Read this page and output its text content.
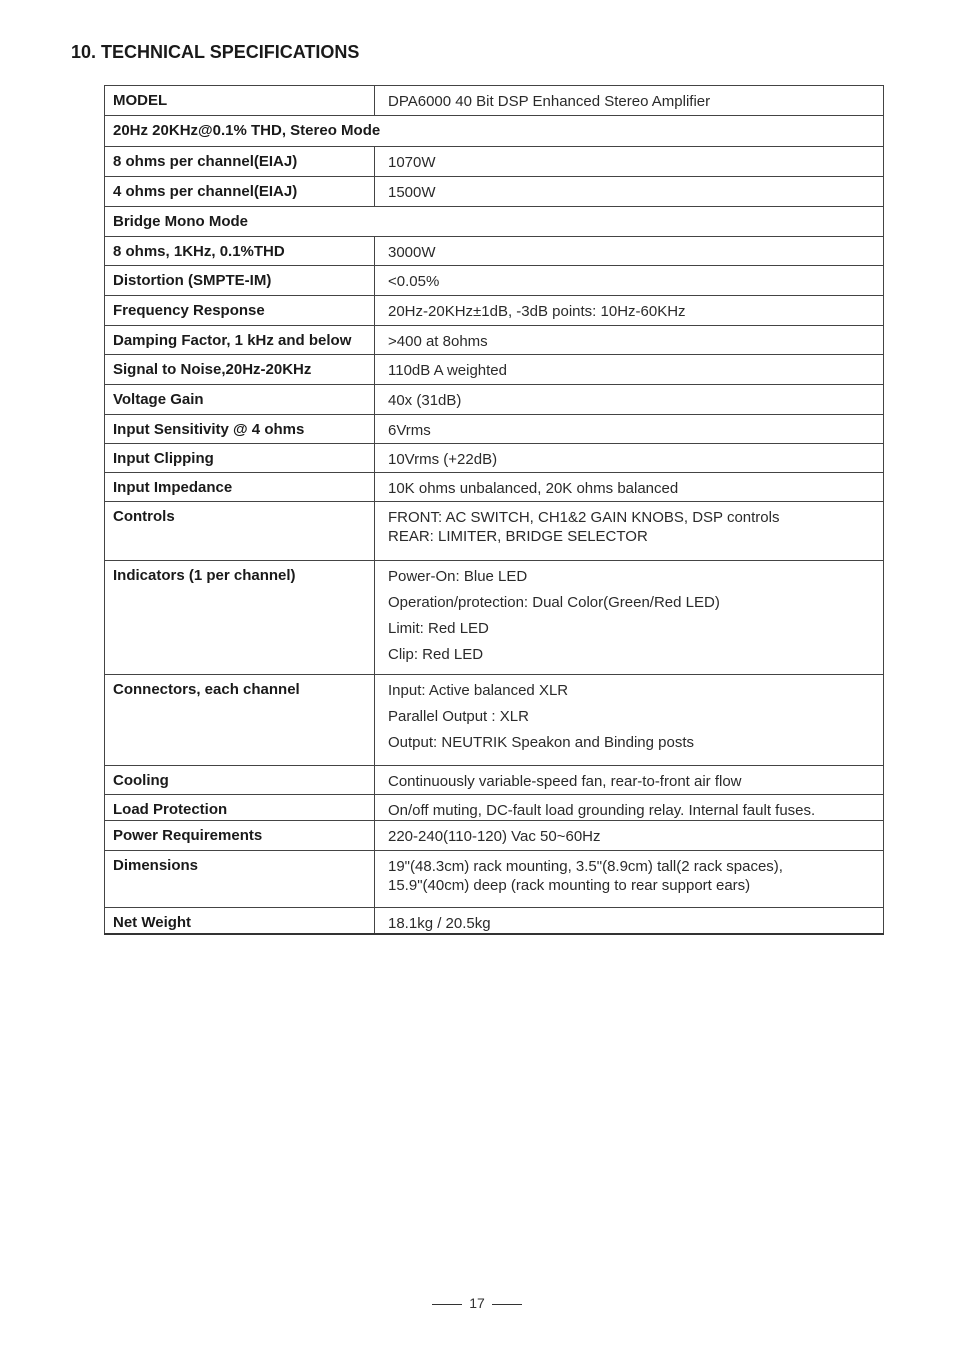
10. TECHNICAL SPECIFICATIONS
MODEL	DPA6000 40 Bit DSP Enhanced Stereo Amplifier

20Hz 20KHz@0.1% THD, Stereo Mode	
8 ohms per channel(EIAJ)	1070W

4 ohms per channel(EIAJ)	1500W

Bridge Mono Mode	
8 ohms, 1KHz, 0.1%THD	3000W

Distortion (SMPTE-IM)	<0.05%

Frequency Response	20Hz-20KHz±1dB, -3dB points: 10Hz-60KHz

Damping Factor, 1 kHz and below	>400 at 8ohms

Signal to Noise,20Hz-20KHz	110dB A weighted

Voltage Gain	40x (31dB)

Input Sensitivity @ 4 ohms	6Vrms

Input Clipping	10Vrms (+22dB)

Input Impedance	10K ohms unbalanced, 20K ohms balanced

Controls	FRONT: AC SWITCH, CH1&2 GAIN KNOBS, DSP controls
REAR: LIMITER, BRIDGE SELECTOR

Indicators (1 per channel)	Power-On: Blue LED
Operation/protection: Dual Color(Green/Red LED)
Limit: Red LED
Clip: Red LED

Connectors, each channel	Input: Active balanced XLR
Parallel Output : XLR
Output: NEUTRIK Speakon and Binding posts

Cooling	Continuously variable-speed fan, rear-to-front air flow

Load Protection	On/off muting, DC-fault load grounding relay. Internal fault fuses.

Power Requirements	220-240(110-120) Vac 50~60Hz

Dimensions	19"(48.3cm) rack mounting, 3.5"(8.9cm) tall(2 rack spaces),
15.9"(40cm) deep (rack mounting to rear support ears)

Net Weight	18.1kg / 20.5kg
17
